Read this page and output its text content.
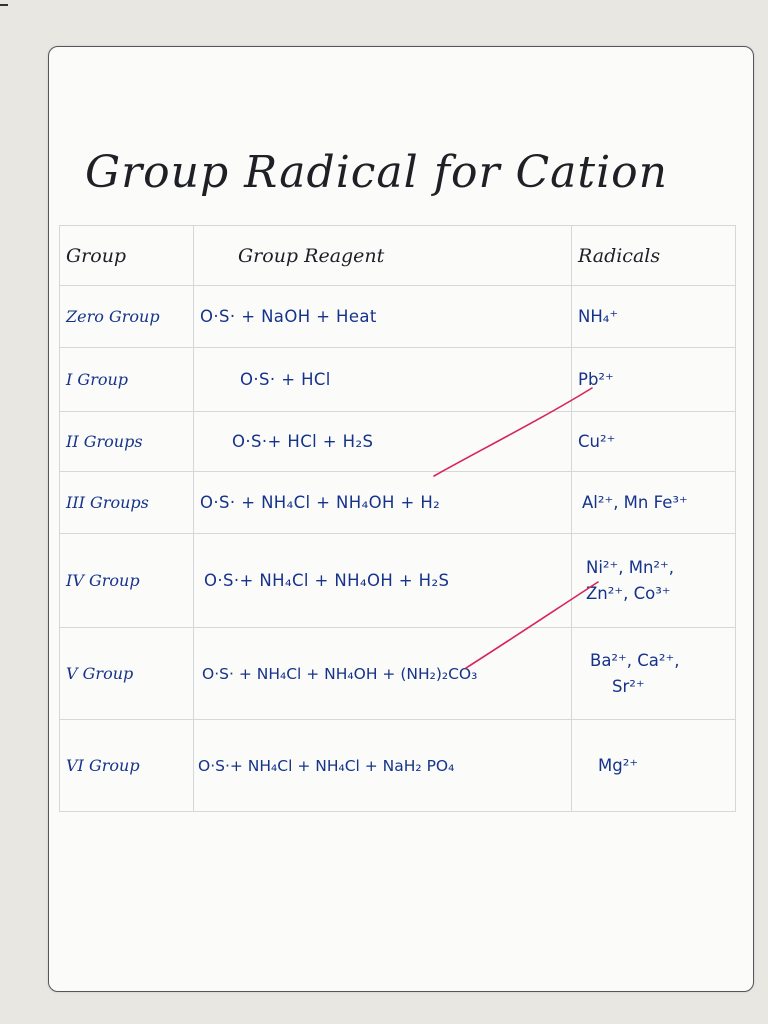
Group Radical for Cation
Group	Group Reagent	Radicals
Zero Group	O·S· + NaOH + Heat	NH₄⁺

I Group	O·S· + HCl	Pb²⁺

II Groups	O·S·+ HCl + H₂S	Cu²⁺

III Groups	O·S· + NH₄Cl + NH₄OH + H₂	Al²⁺, Mn Fe³⁺

IV Group	O·S·+ NH₄Cl + NH₄OH + H₂S	Ni²⁺, Mn²⁺,
Zn²⁺, Co³⁺

V Group	O·S· + NH₄Cl + NH₄OH + (NH₂)₂CO₃	Ba²⁺, Ca²⁺,
Sr²⁺

VI Group	O·S·+ NH₄Cl + NH₄Cl + NaH₂ PO₄	Mg²⁺
